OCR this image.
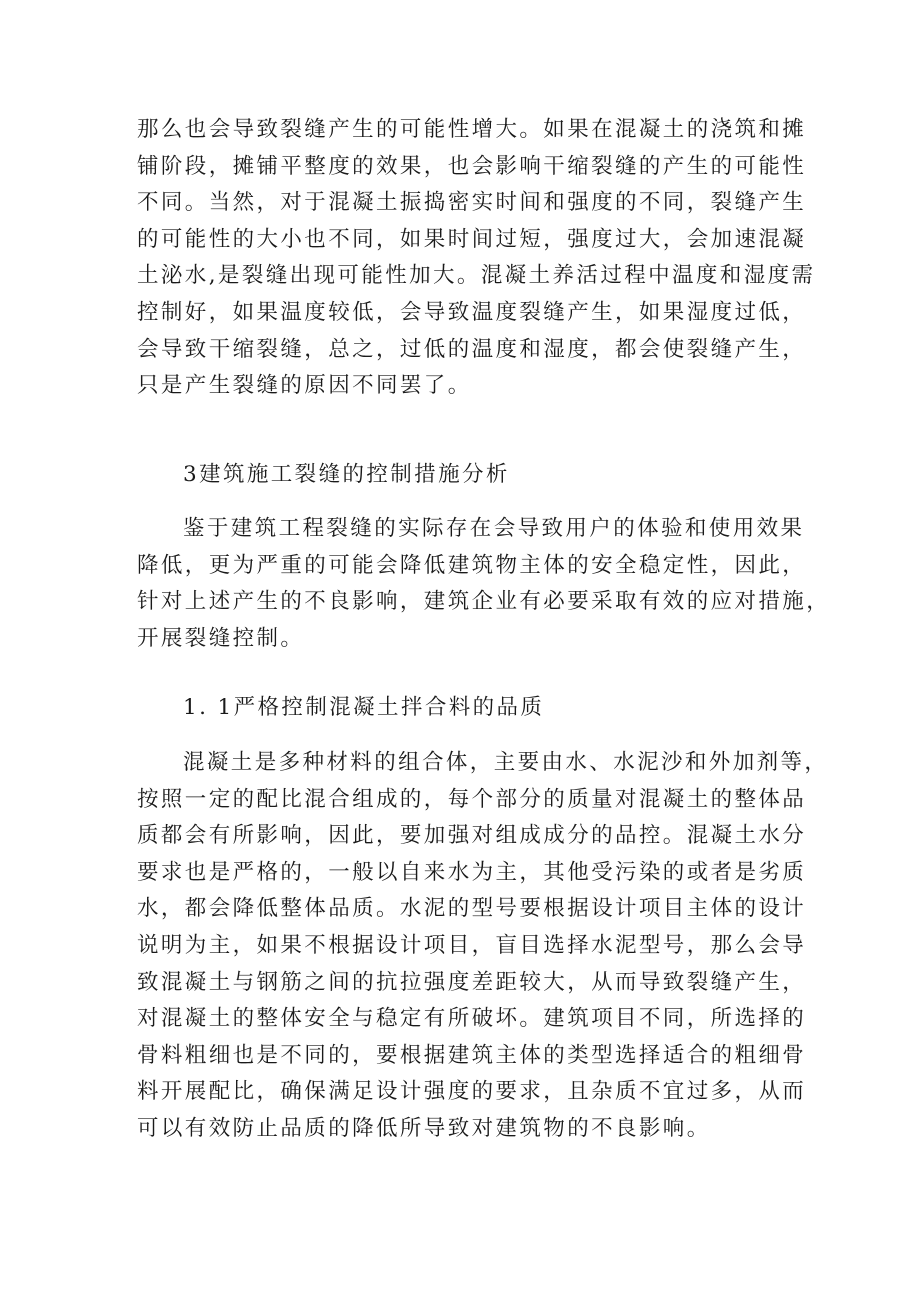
那么也会导致裂缝产生的可能性增大。如果在混凝土的浇筑和摊
铺阶段，摊铺平整度的效果，也会影响干缩裂缝的产生的可能性
不同。当然，对于混凝土振捣密实时间和强度的不同，裂缝产生
的可能性的大小也不同，如果时间过短，强度过大，会加速混凝
土泌水,是裂缝出现可能性加大。混凝土养活过程中温度和湿度需
控制好，如果温度较低，会导致温度裂缝产生，如果湿度过低，
会导致干缩裂缝，总之，过低的温度和湿度，都会使裂缝产生，
只是产生裂缝的原因不同罢了。
3建筑施工裂缝的控制措施分析
鉴于建筑工程裂缝的实际存在会导致用户的体验和使用效果
降低，更为严重的可能会降低建筑物主体的安全稳定性，因此，
针对上述产生的不良影响，建筑企业有必要采取有效的应对措施，
开展裂缝控制。
1. 1严格控制混凝土拌合料的品质
混凝土是多种材料的组合体，主要由水、水泥沙和外加剂等，
按照一定的配比混合组成的，每个部分的质量对混凝土的整体品
质都会有所影响，因此，要加强对组成成分的品控。混凝土水分
要求也是严格的，一般以自来水为主，其他受污染的或者是劣质
水，都会降低整体品质。水泥的型号要根据设计项目主体的设计
说明为主，如果不根据设计项目，盲目选择水泥型号，那么会导
致混凝土与钢筋之间的抗拉强度差距较大，从而导致裂缝产生，
对混凝土的整体安全与稳定有所破坏。建筑项目不同，所选择的
骨料粗细也是不同的，要根据建筑主体的类型选择适合的粗细骨
料开展配比，确保满足设计强度的要求，且杂质不宜过多，从而
可以有效防止品质的降低所导致对建筑物的不良影响。
